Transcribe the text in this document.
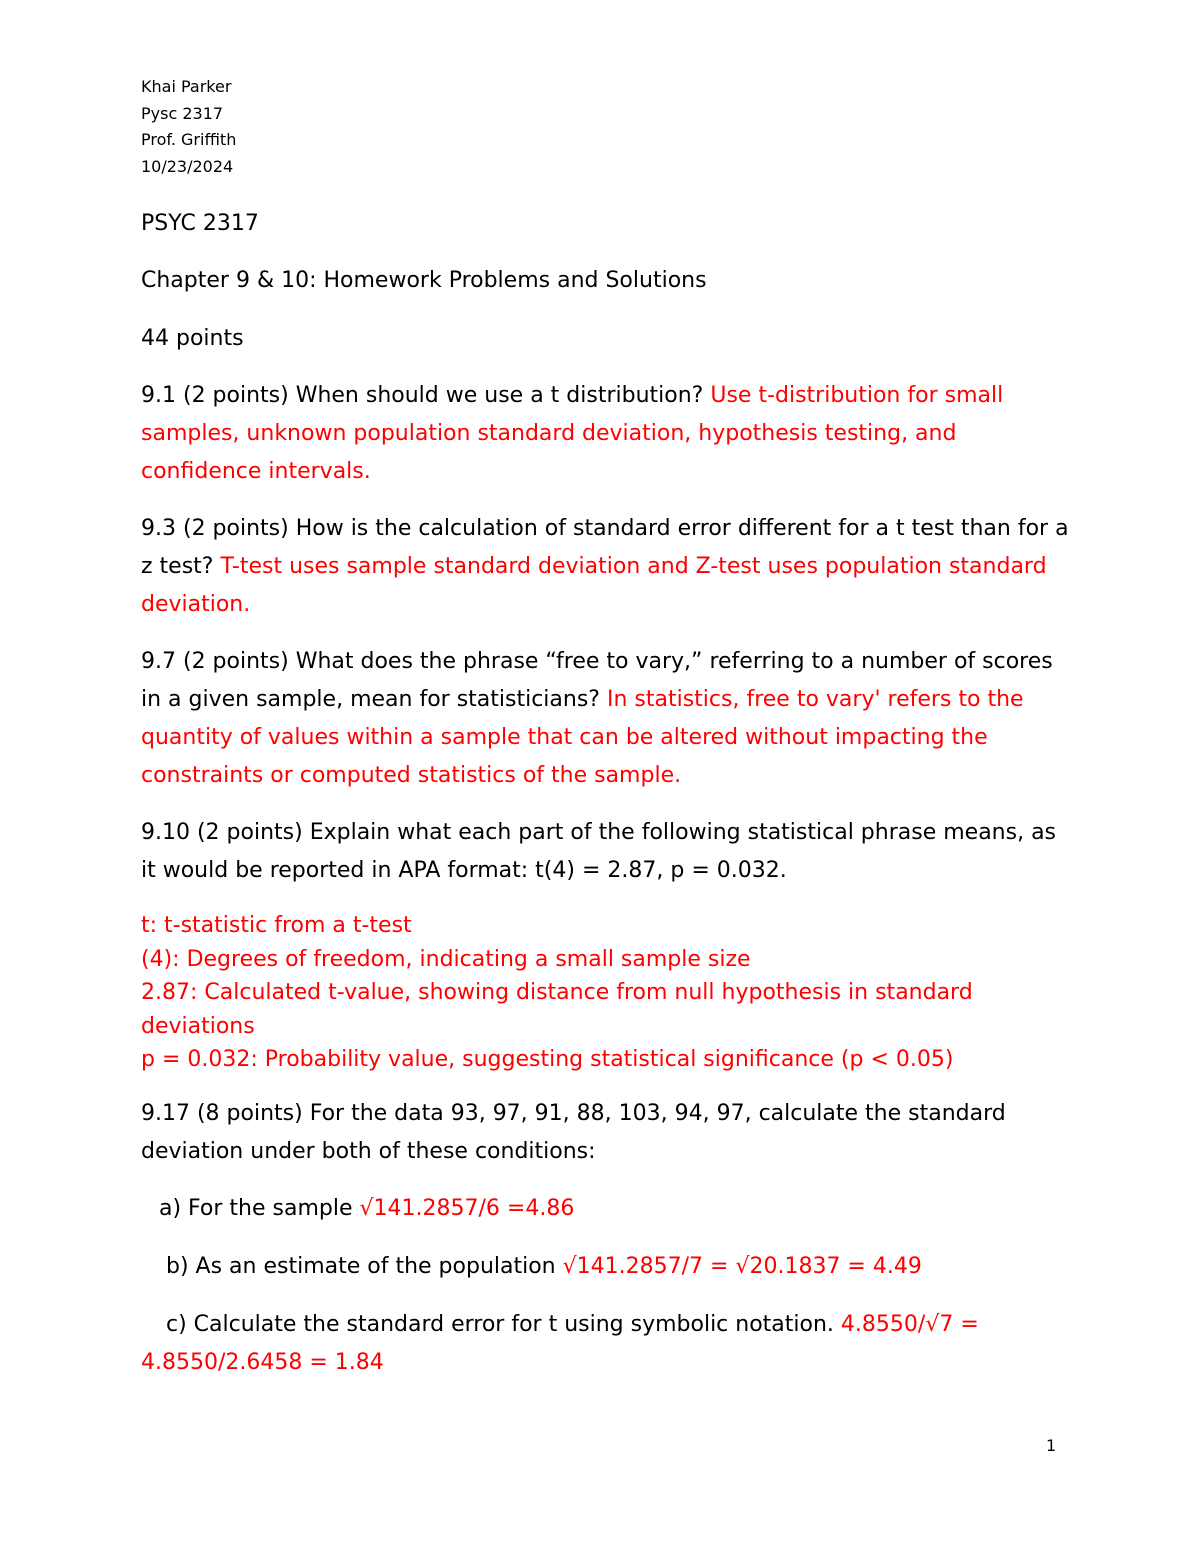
Khai Parker
Pysc 2317
Prof. Griffith
10/23/2024

PSYC 2317

Chapter 9 & 10: Homework Problems and Solutions

44 points

9.1 (2 points) When should we use a t distribution? Use t-distribution for small samples, unknown population standard deviation, hypothesis testing, and confidence intervals.

9.3 (2 points) How is the calculation of standard error different for a t test than for a z test? T-test uses sample standard deviation and Z-test uses population standard deviation.

9.7 (2 points) What does the phrase “free to vary,” referring to a number of scores in a given sample, mean for statisticians? In statistics, free to vary' refers to the quantity of values within a sample that can be altered without impacting the constraints or computed statistics of the sample.

9.10 (2 points) Explain what each part of the following statistical phrase means, as it would be reported in APA format: t(4) = 2.87, p = 0.032.

t: t-statistic from a t-test
(4): Degrees of freedom, indicating a small sample size
2.87: Calculated t-value, showing distance from null hypothesis in standard deviations
p = 0.032: Probability value, suggesting statistical significance (p < 0.05)

9.17 (8 points) For the data 93, 97, 91, 88, 103, 94, 97, calculate the standard deviation under both of these conditions:

a) For the sample √141.2857/6 =4.86

b) As an estimate of the population √141.2857/7 = √20.1837 = 4.49

c) Calculate the standard error for t using symbolic notation. 4.8550/√7 = 4.8550/2.6458 = 1.84

1
